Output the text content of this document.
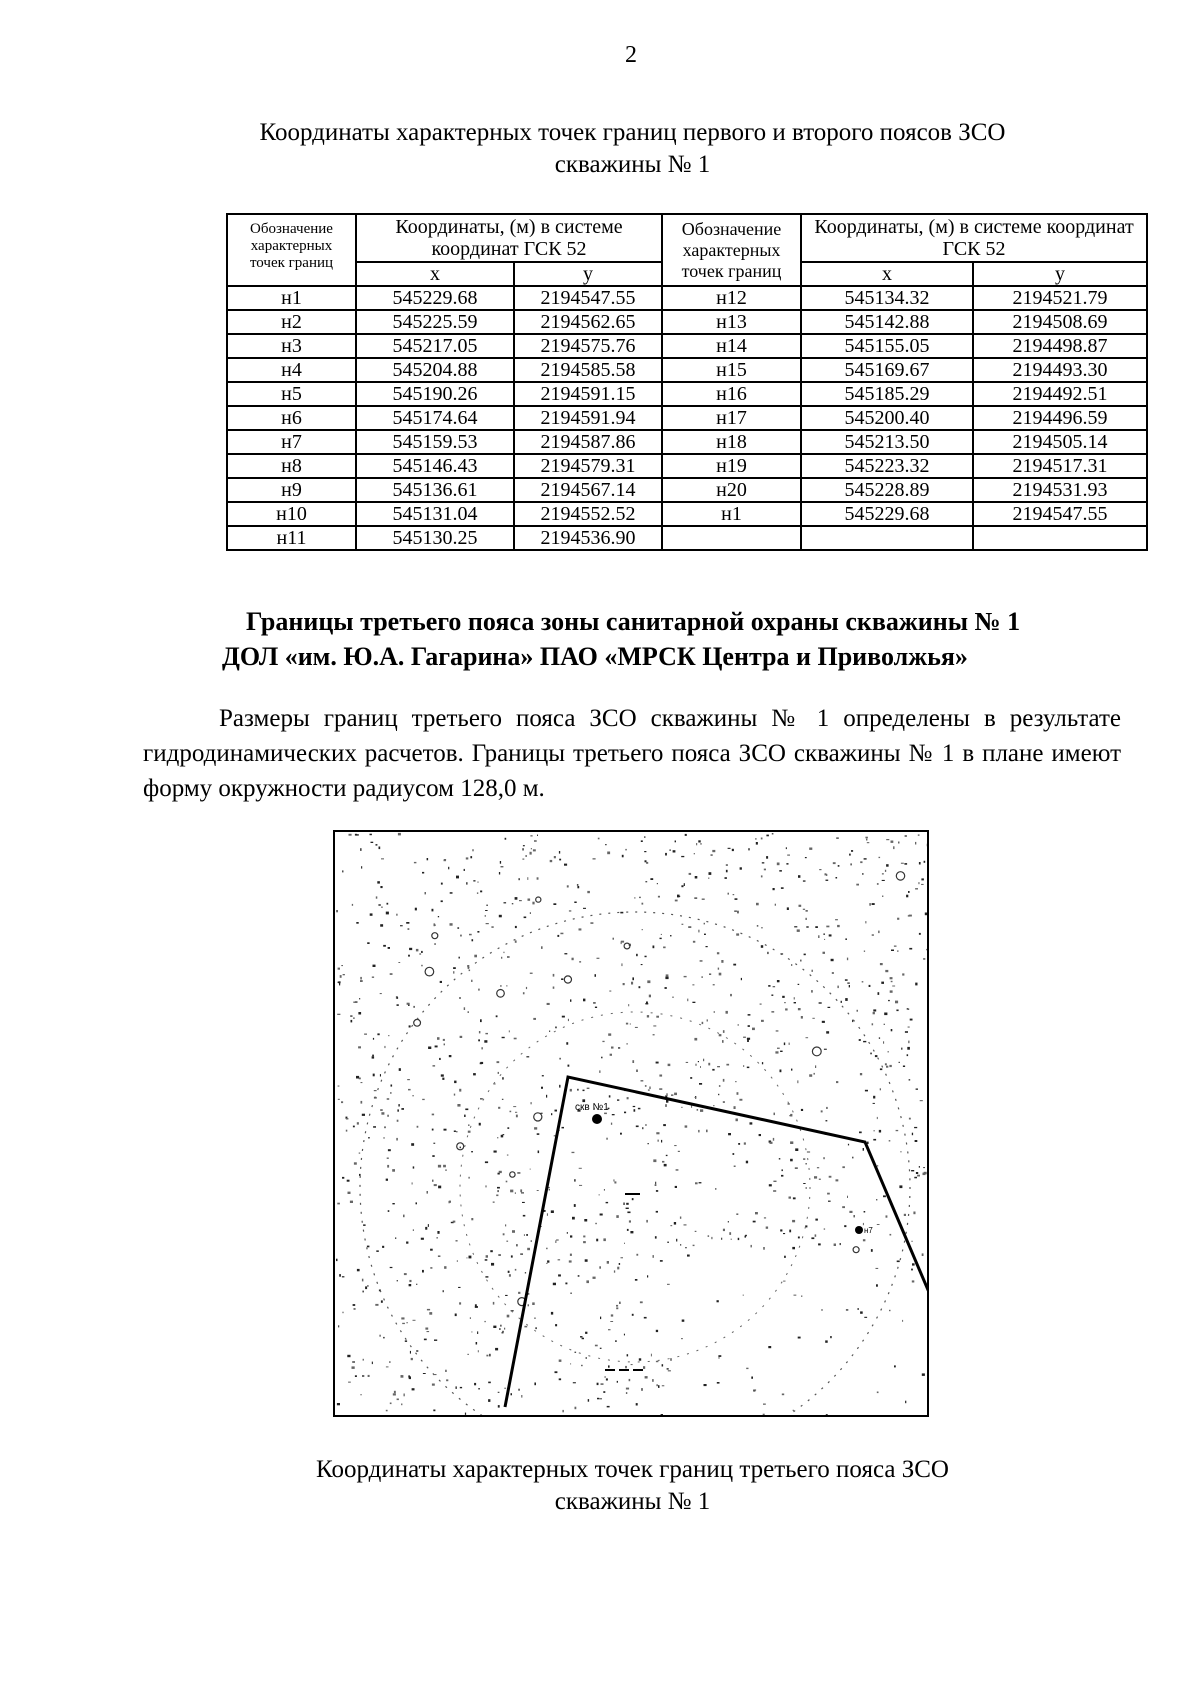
2
Координаты характерных точек границ первого и второго поясов ЗСО
скважины № 1
Обозначение
характерных
точек границ	Координаты, (м) в системе координат ГСК 52		Обозначение
характерных
точек границ	Координаты, (м) в системе координат ГСК 52	
	х	у		х	у
н1	545229.68	2194547.55	н12	545134.32	2194521.79
н2	545225.59	2194562.65	н13	545142.88	2194508.69
н3	545217.05	2194575.76	н14	545155.05	2194498.87
н4	545204.88	2194585.58	н15	545169.67	2194493.30
н5	545190.26	2194591.15	н16	545185.29	2194492.51
н6	545174.64	2194591.94	н17	545200.40	2194496.59
н7	545159.53	2194587.86	н18	545213.50	2194505.14
н8	545146.43	2194579.31	н19	545223.32	2194517.31
н9	545136.61	2194567.14	н20	545228.89	2194531.93
н10	545131.04	2194552.52	н1	545229.68	2194547.55
н11	545130.25	2194536.90			
Границы третьего пояса зоны санитарной охраны скважины № 1
ДОЛ «им. Ю.А. Гагарина» ПАО «МРСК Центра и Приволжья»
Размеры границ третьего пояса ЗСО скважины № 1 определены в результате гидродинамических расчетов. Границы третьего пояса ЗСО скважины № 1 в плане имеют форму окружности радиусом 128,0 м.
скв №1
н7
Координаты характерных точек границ третьего пояса ЗСО
скважины № 1
